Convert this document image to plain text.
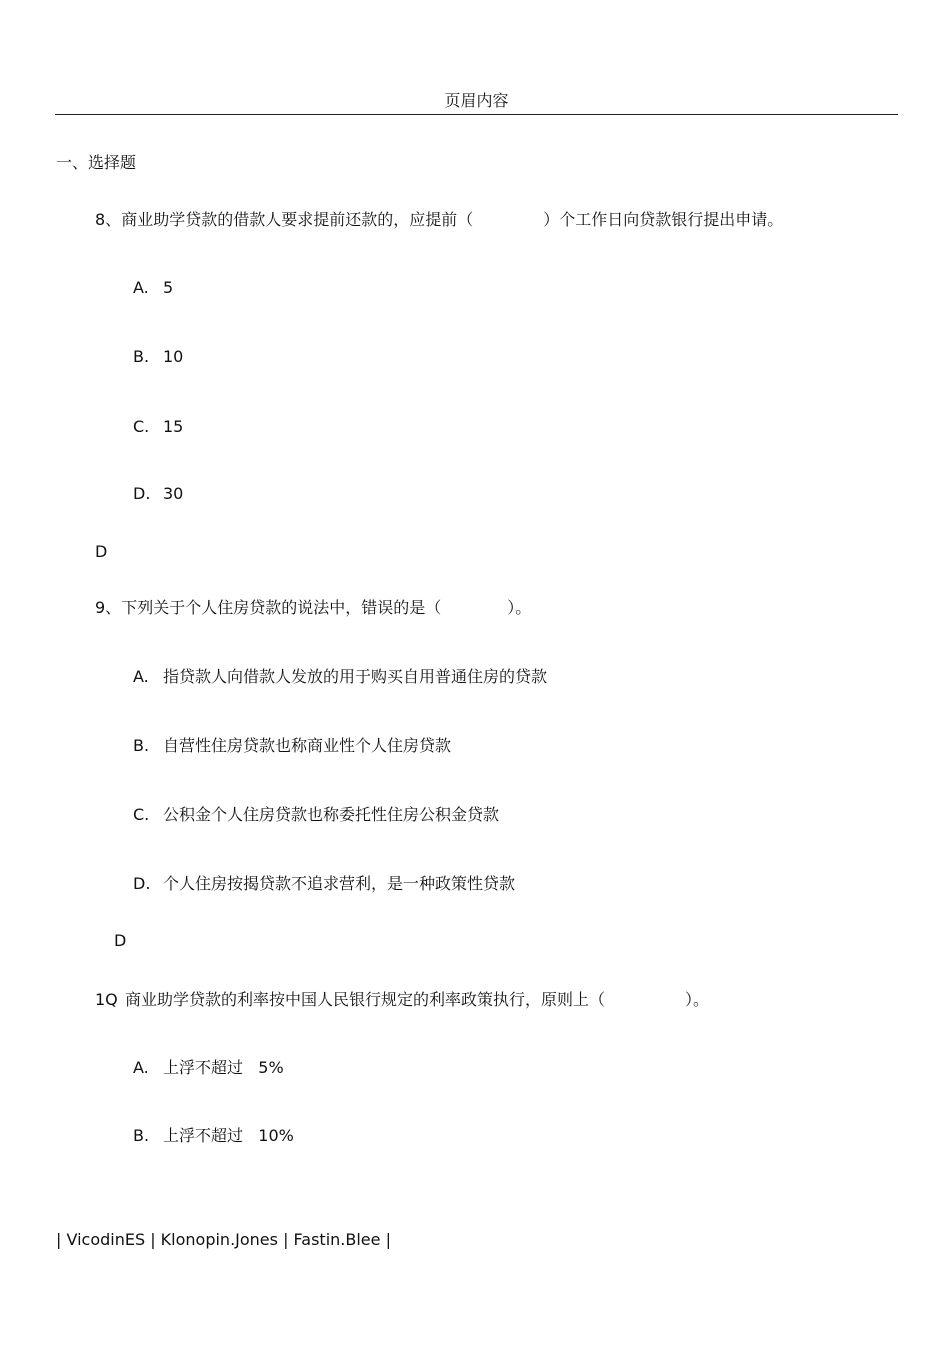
页眉内容
一、选择题
8、商业助学贷款的借款人要求提前还款的，应提前（	）个工作日向贷款银行提出申请。
A. 5
B. 10
C. 15
D. 30
D
9、下列关于个人住房贷款的说法中，错误的是（	）。
A. 指贷款人向借款人发放的用于购买自用普通住房的贷款
B. 自营性住房贷款也称商业性个人住房贷款
C. 公积金个人住房贷款也称委托性住房公积金贷款
D. 个人住房按揭贷款不追求营利，是一种政策性贷款
D
1Q 商业助学贷款的利率按中国人民银行规定的利率政策执行，原则上（	）。
A. 上浮不超过   5%
B. 上浮不超过   10%
| VicodinES | Klonopin.Jones | Fastin.Blee |
